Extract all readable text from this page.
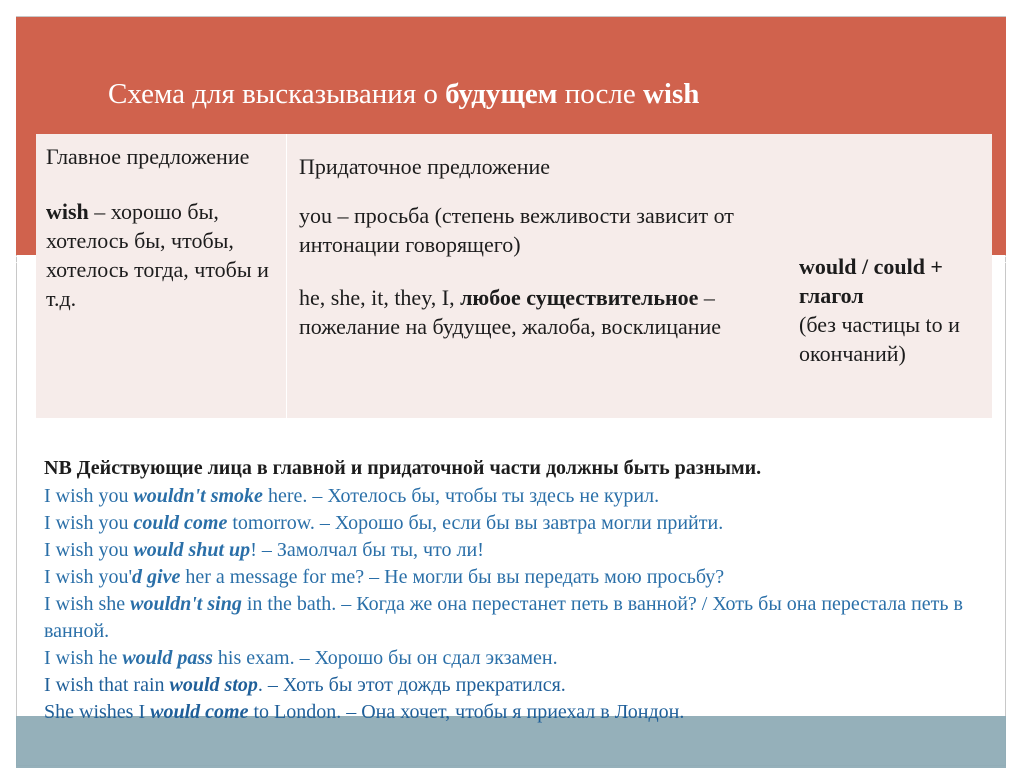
Схема для высказывания о будущем после wish
Главное предложение
wish – хорошо бы, хотелось бы, чтобы, хотелось тогда, чтобы и т.д.

Придаточное предложение
you – просьба (степень вежливости зависит от интонации говорящего)
he, she, it, they, I, любое существительное – пожелание на будущее, жалоба, восклицание

would / could + глагол
(без частицы to и окончаний)
NB Действующие лица в главной и придаточной части должны быть разными.
I wish you wouldn't smoke here. – Хотелось бы, чтобы ты здесь не курил.
I wish you could come tomorrow. – Хорошо бы, если бы вы завтра могли прийти.
I wish you would shut up! – Замолчал бы ты, что ли!
I wish you'd give her a message for me? – Не могли бы вы передать мою просьбу?
I wish she wouldn't sing in the bath. – Когда же она перестанет петь в ванной? / Хоть бы она перестала петь в ванной.
I wish he would pass his exam. – Хорошо бы он сдал экзамен.
I wish that rain would stop. – Хоть бы этот дождь прекратился.
She wishes I would come to London. – Она хочет, чтобы я приехал в Лондон.
